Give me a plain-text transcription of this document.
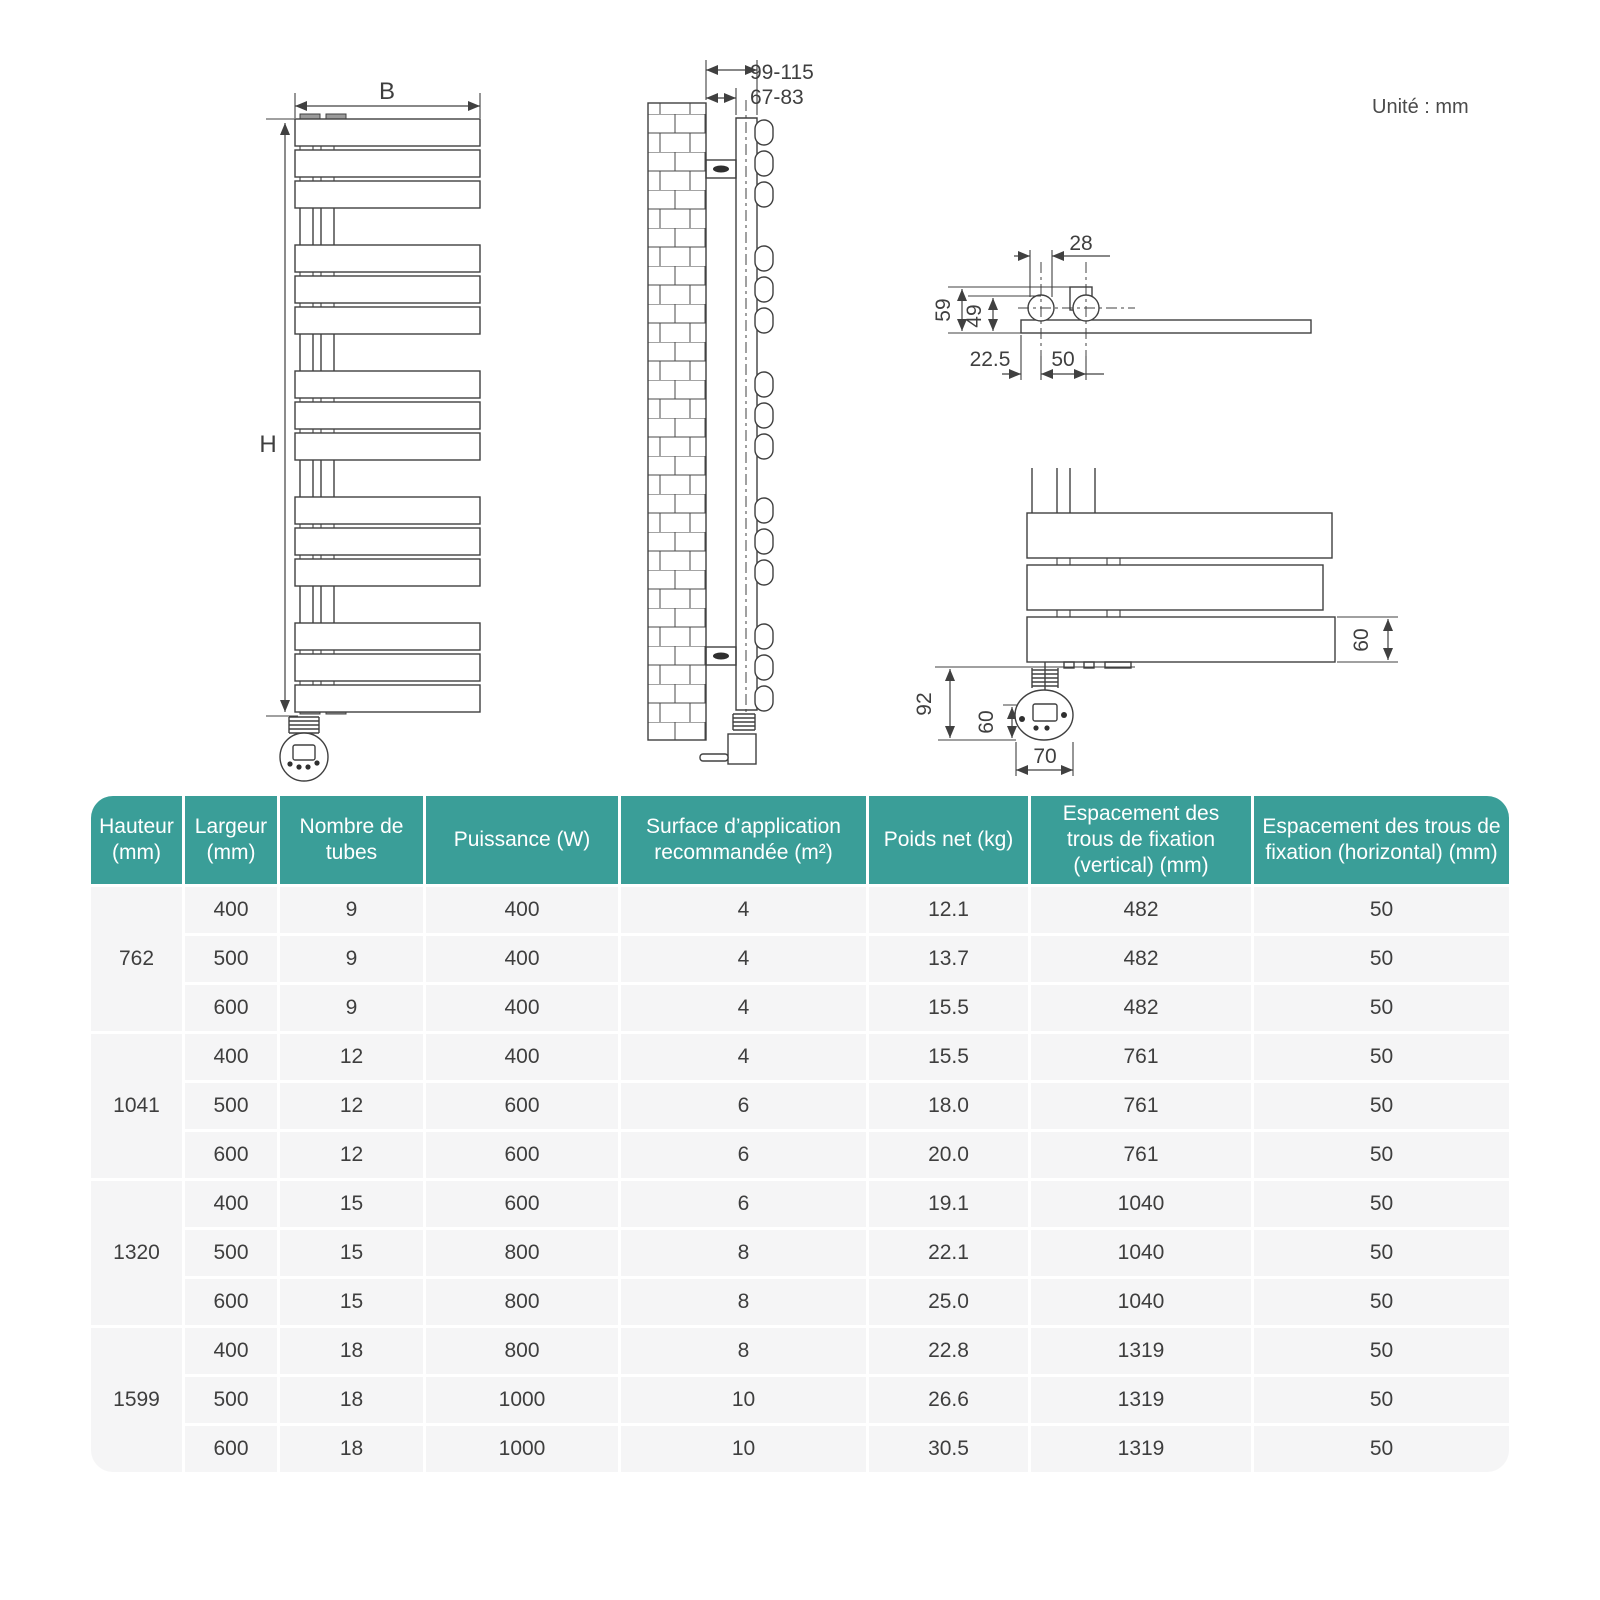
B
H
99-115
67-83
28
59 49
22.5 50
60
92
60
70
Unité : mm
Hauteur (mm)	Largeur (mm)	Nombre de tubes	Puissance (W)	Surface d’application recommandée (m²)	Poids net (kg)	Espacement des trous de fixation (vertical) (mm)	Espacement des trous de fixation (horizontal) (mm)
762	400	9	400	4	12.1	482	50
	500	9	400	4	13.7	482	50
	600	9	400	4	15.5	482	50
1041	400	12	400	4	15.5	761	50
	500	12	600	6	18.0	761	50
	600	12	600	6	20.0	761	50
1320	400	15	600	6	19.1	1040	50
	500	15	800	8	22.1	1040	50
	600	15	800	8	25.0	1040	50
1599	400	18	800	8	22.8	1319	50
	500	18	1000	10	26.6	1319	50
	600	18	1000	10	30.5	1319	50
